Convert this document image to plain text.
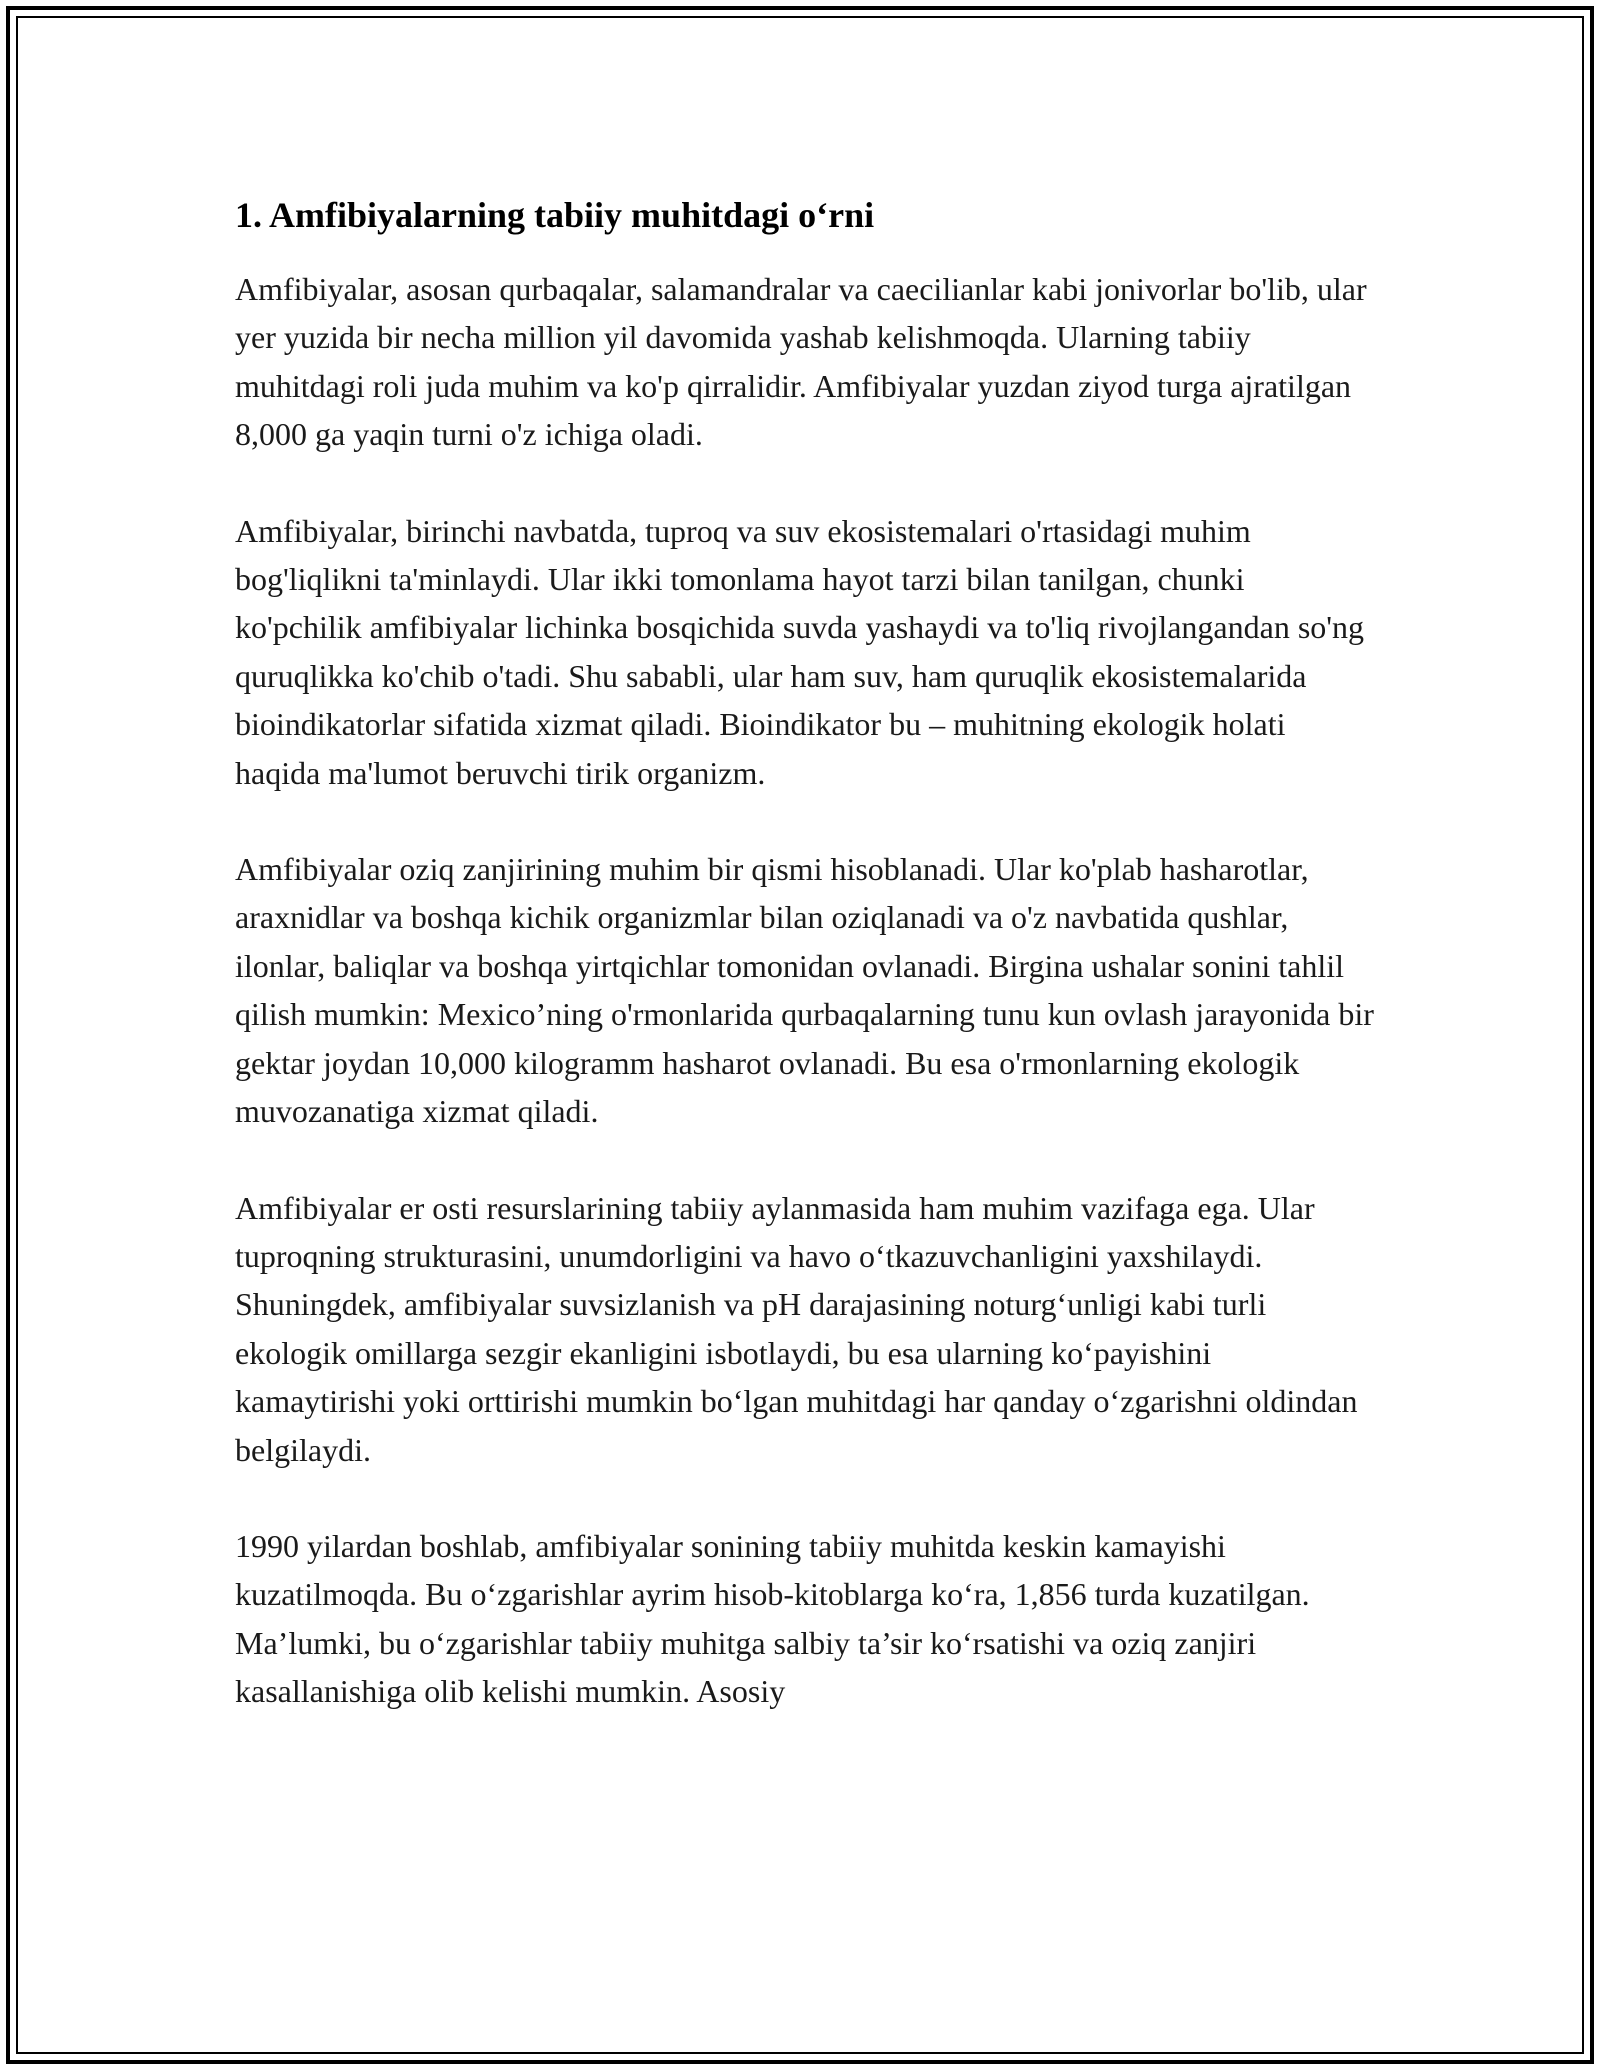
1. Amfibiyalarning tabiiy muhitdagi o‘rni

Amfibiyalar, asosan qurbaqalar, salamandralar va caecilianlar kabi jonivorlar bo'lib, ular yer yuzida bir necha million yil davomida yashab kelishmoqda. Ularning tabiiy muhitdagi roli juda muhim va ko'p qirralidir. Amfibiyalar yuzdan ziyod turga ajratilgan 8,000 ga yaqin turni o'z ichiga oladi.

Amfibiyalar, birinchi navbatda, tuproq va suv ekosistemalari o'rtasidagi muhim bog'liqlikni ta'minlaydi. Ular ikki tomonlama hayot tarzi bilan tanilgan, chunki ko'pchilik amfibiyalar lichinka bosqichida suvda yashaydi va to'liq rivojlangandan so'ng quruqlikka ko'chib o'tadi. Shu sababli, ular ham suv, ham quruqlik ekosistemalarida bioindikatorlar sifatida xizmat qiladi. Bioindikator bu – muhitning ekologik holati haqida ma'lumot beruvchi tirik organizm.

Amfibiyalar oziq zanjirining muhim bir qismi hisoblanadi. Ular ko'plab hasharotlar, araxnidlar va boshqa kichik organizmlar bilan oziqlanadi va o'z navbatida qushlar, ilonlar, baliqlar va boshqa yirtqichlar tomonidan ovlanadi. Birgina ushalar sonini tahlil qilish mumkin: Mexico’ning o'rmonlarida qurbaqalarning tunu kun ovlash jarayonida bir gektar joydan 10,000 kilogramm hasharot ovlanadi. Bu esa o'rmonlarning ekologik muvozanatiga xizmat qiladi.

Amfibiyalar er osti resurslarining tabiiy aylanmasida ham muhim vazifaga ega. Ular tuproqning strukturasini, unumdorligini va havo o‘tkazuvchanligini yaxshilaydi. Shuningdek, amfibiyalar suvsizlanish va pH darajasining noturg‘unligi kabi turli ekologik omillarga sezgir ekanligini isbotlaydi, bu esa ularning ko‘payishini kamaytirishi yoki orttirishi mumkin bo‘lgan muhitdagi har qanday o‘zgarishni oldindan belgilaydi.

1990 yilardan boshlab, amfibiyalar sonining tabiiy muhitda keskin kamayishi kuzatilmoqda. Bu o‘zgarishlar ayrim hisob-kitoblarga ko‘ra, 1,856 turda kuzatilgan. Ma’lumki, bu o‘zgarishlar tabiiy muhitga salbiy ta’sir ko‘rsatishi va oziq zanjiri kasallanishiga olib kelishi mumkin. Asosiy
